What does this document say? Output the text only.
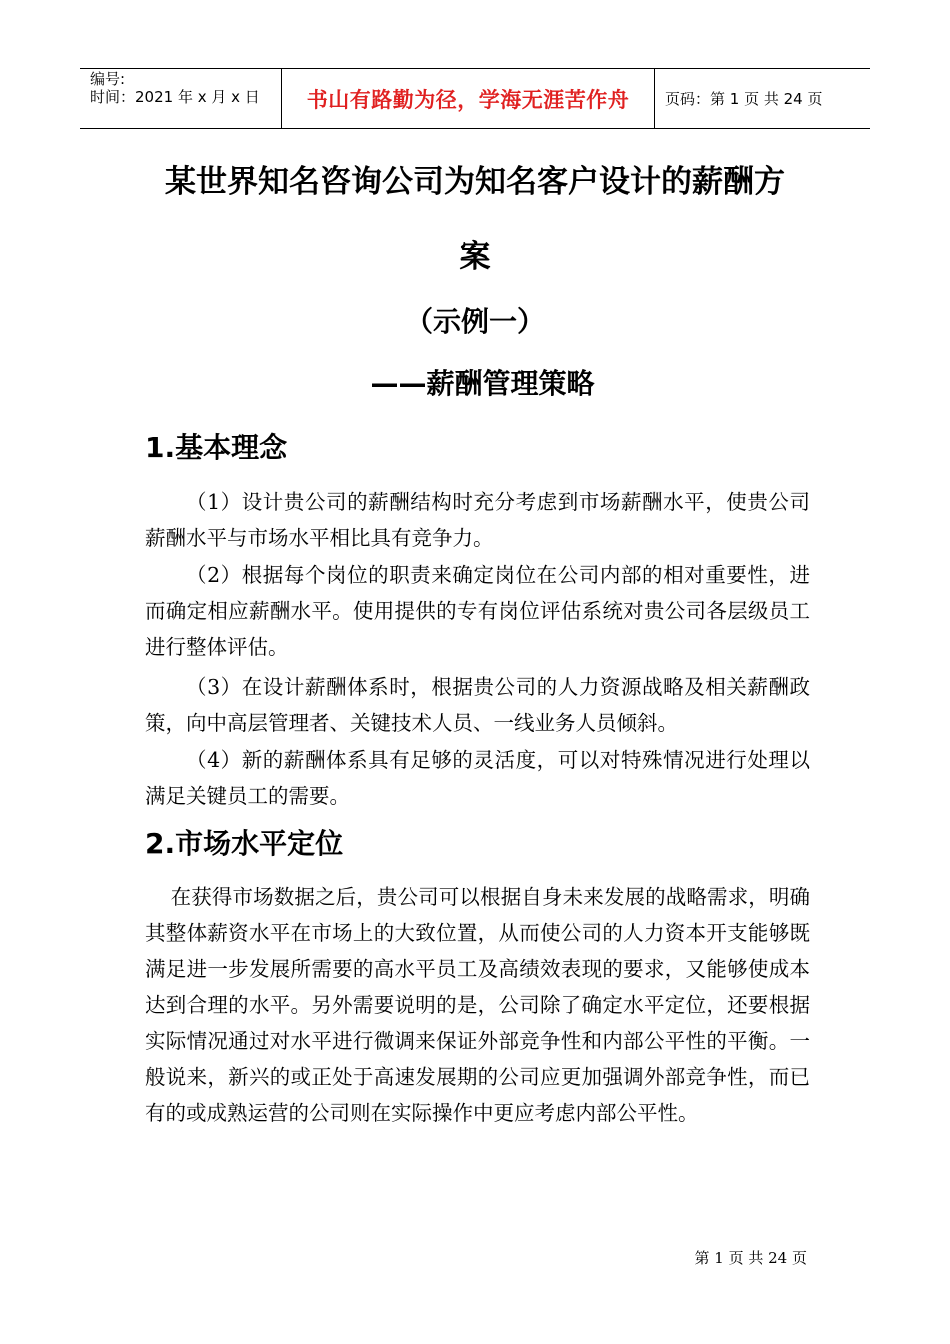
编号:
时间：2021 年 x 月 x 日	书山有路勤为径，学海无涯苦作舟	页码：第 1 页 共 24 页
某世界知名咨询公司为知名客户设计的薪酬方
案
（示例一）
——薪酬管理策略
1.基本理念

（1）设计贵公司的薪酬结构时充分考虑到市场薪酬水平，使贵公司薪酬水平与市场水平相比具有竞争力。

（2）根据每个岗位的职责来确定岗位在公司内部的相对重要性，进而确定相应薪酬水平。使用提供的专有岗位评估系统对贵公司各层级员工进行整体评估。

（3）在设计薪酬体系时，根据贵公司的人力资源战略及相关薪酬政策，向中高层管理者、关键技术人员、一线业务人员倾斜。

（4）新的薪酬体系具有足够的灵活度，可以对特殊情况进行处理以满足关键员工的需要。

2.市场水平定位

在获得市场数据之后，贵公司可以根据自身未来发展的战略需求，明确其整体薪资水平在市场上的大致位置，从而使公司的人力资本开支能够既满足进一步发展所需要的高水平员工及高绩效表现的要求，又能够使成本达到合理的水平。另外需要说明的是，公司除了确定水平定位，还要根据实际情况通过对水平进行微调来保证外部竞争性和内部公平性的平衡。一般说来，新兴的或正处于高速发展期的公司应更加强调外部竞争性，而已有的或成熟运营的公司则在实际操作中更应考虑内部公平性。

第 1 页 共 24 页
